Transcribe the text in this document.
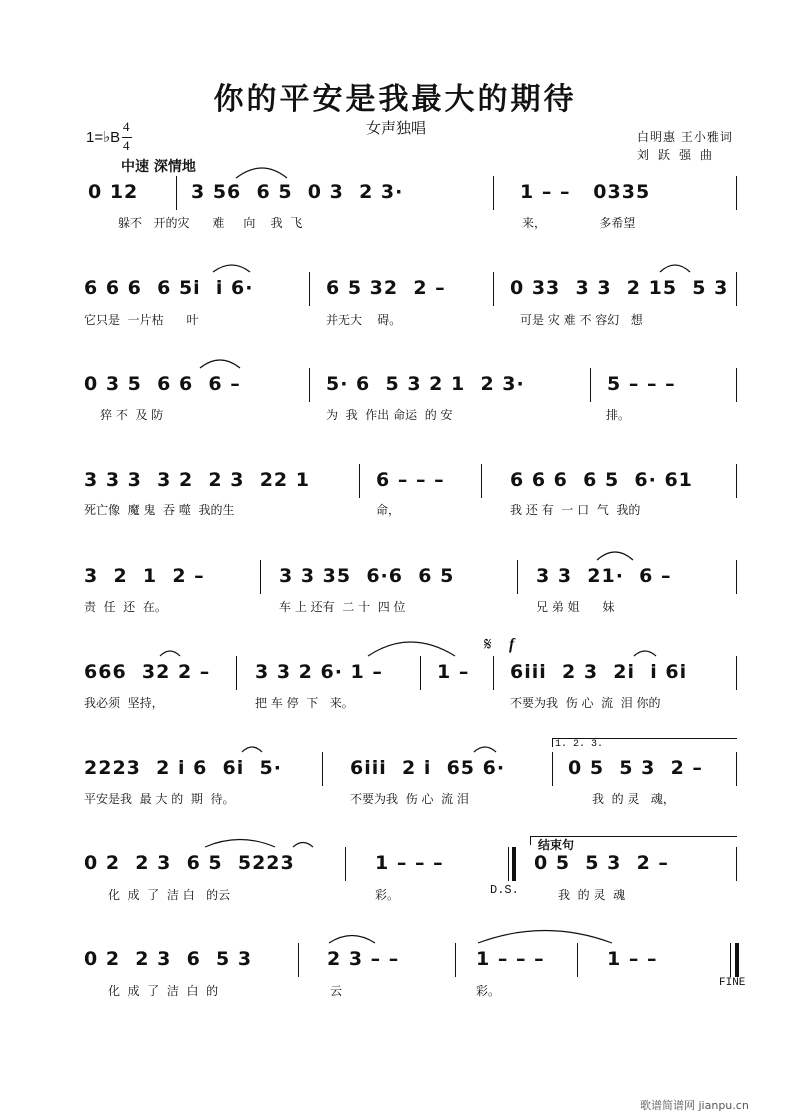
你的平安是我最大的期待
女声独唱
1=♭B
4
4
中速 深情地
白明惠 王小雅词
刘跃强曲
0 12	3 56  6 5  0 3  2 3·	1 – –   0335
躲不   开的灾      难     向    我  飞	来，              多希望
6 6 6  6 5i  i 6·	6 5 32  2 –	0 33  3 3  2 15  5 3
它只是  一片枯      叶	并无大    碍。	可是 灾 难 不 容幻   想
0 3 5  6 6  6 –	5· 6  5 3 2 1  2 3·	5 – – –
猝 不  及 防	为  我  作出 命运  的 安	排。
3 3 3  3 2  2 3  22 1	6 – – –	6 6 6  6 5  6· 61
死亡像  魔 鬼  吞 噬  我的生	命，	我 还 有  一 口  气  我的
3  2  1  2 –	3 3 35  6·6  6 5	3 3  21·  6 –
责  任  还  在。	车 上 还有  二 十  四 位	兄 弟 姐      妹
666  32 2 – 3 3 2 6· 1 –	1 – 6iii  2 3  2i  i 6i
我必须  坚持，	把 车 停  下   来。	不要为我  伤 心  流  泪 你的
2223  2 i 6  6i  5·	6iii  2 i  65 6·	0 5  5 3  2 –
平安是我  最 大 的  期  待。	不要为我  伤 心  流 泪	我  的 灵   魂，
0 2  2 3  6 5  5223	1 – – –	0 5  5 3  2 –
化  成  了  洁 白   的云	彩。	我  的 灵  魂
0 2  2 3  6  5 3	2 3 – –	1 – – –	1 – –
化  成  了  洁  白  的	云	彩。
𝄋 f
1. 2. 3.
结束句
D.S.
FINE
歌谱简谱网 jianpu.cn
